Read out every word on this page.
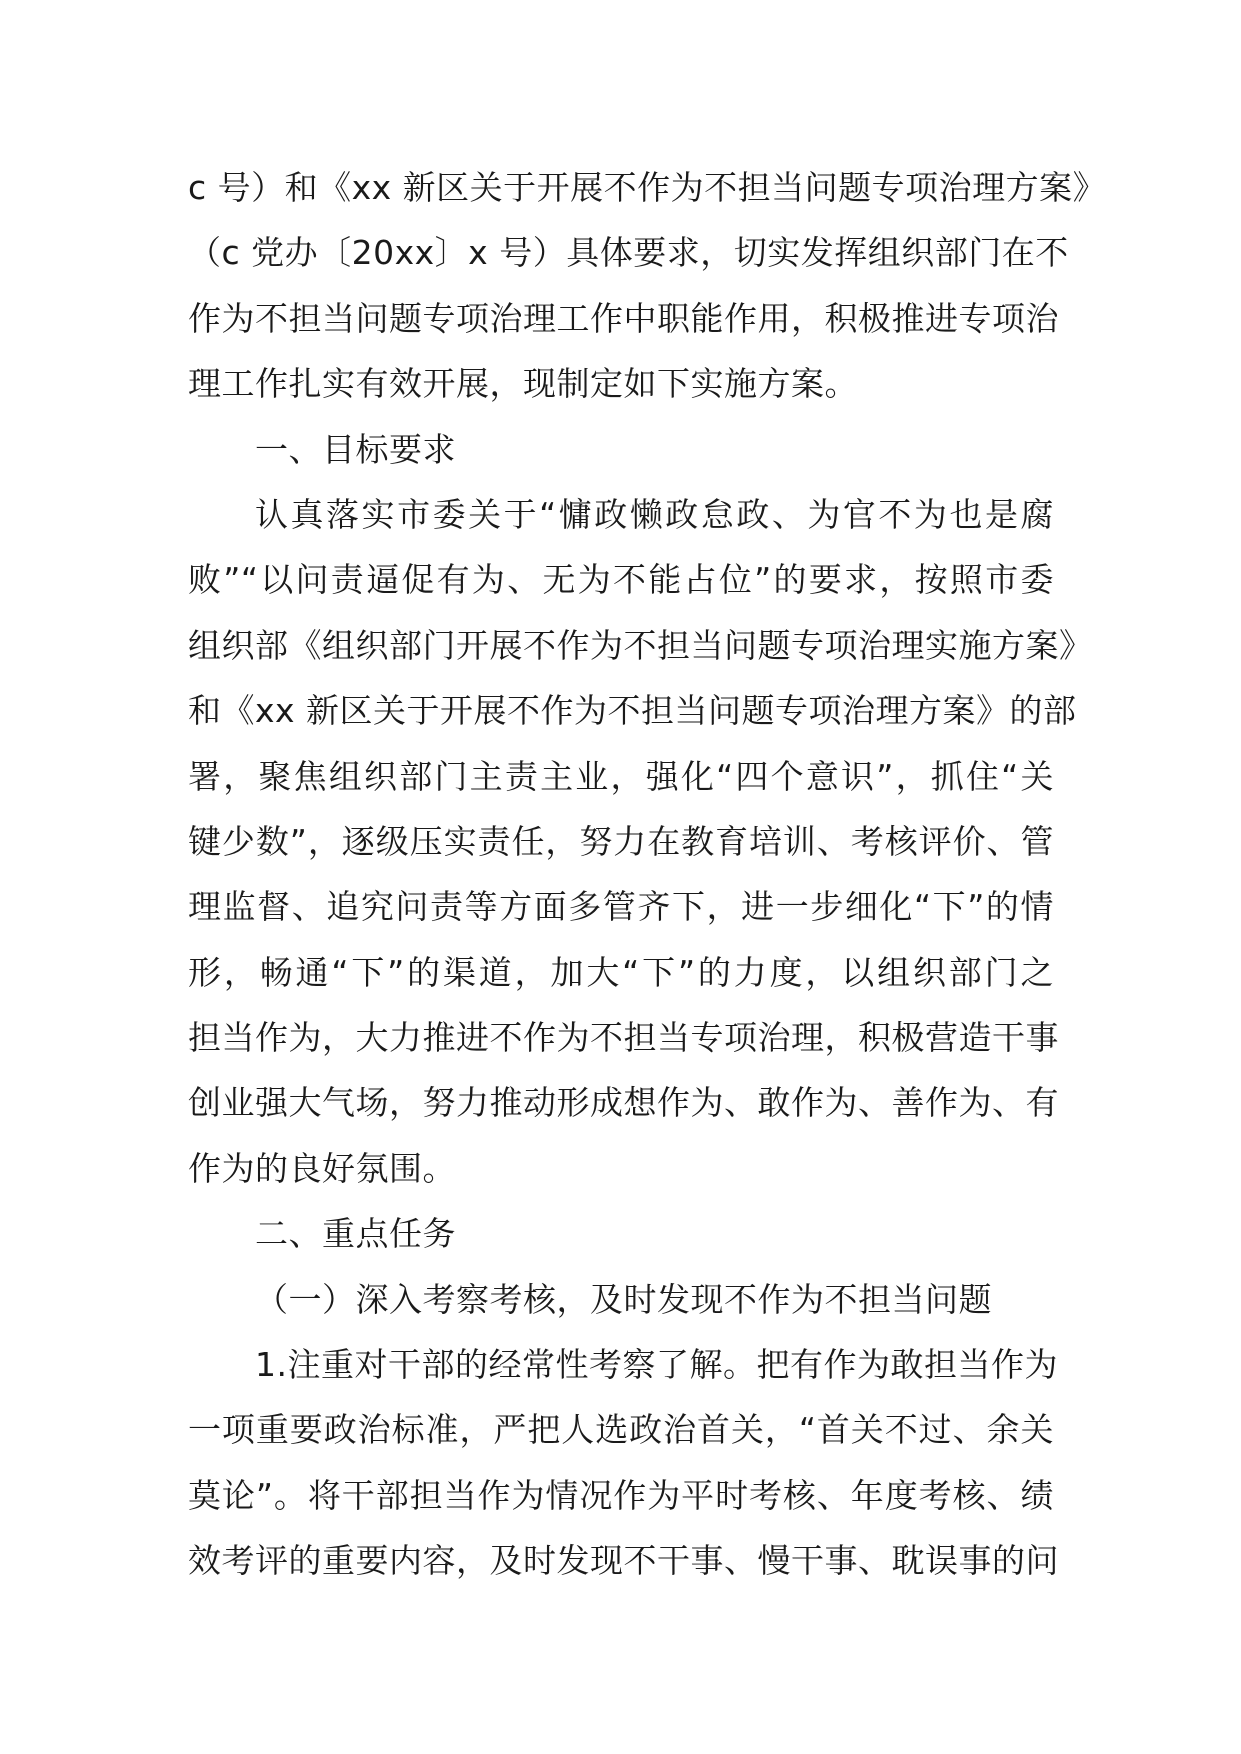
c 号）和《xx 新区关于开展不作为不担当问题专项治理方案》
（c 党办〔20xx〕x 号）具体要求，切实发挥组织部门在不
作为不担当问题专项治理工作中职能作用，积极推进专项治
理工作扎实有效开展，现制定如下实施方案。
一、目标要求
认真落实市委关于“慵政懒政怠政、为官不为也是腐
败”“以问责逼促有为、无为不能占位”的要求，按照市委
组织部《组织部门开展不作为不担当问题专项治理实施方案》
和《xx 新区关于开展不作为不担当问题专项治理方案》的部
署，聚焦组织部门主责主业，强化“四个意识”，抓住“关
键少数”，逐级压实责任，努力在教育培训、考核评价、管
理监督、追究问责等方面多管齐下，进一步细化“下”的情
形，畅通“下”的渠道，加大“下”的力度，以组织部门之
担当作为，大力推进不作为不担当专项治理，积极营造干事
创业强大气场，努力推动形成想作为、敢作为、善作为、有
作为的良好氛围。
二、重点任务
（一）深入考察考核，及时发现不作为不担当问题
1.注重对干部的经常性考察了解。把有作为敢担当作为
一项重要政治标准，严把人选政治首关，“首关不过、余关
莫论”。将干部担当作为情况作为平时考核、年度考核、绩
效考评的重要内容，及时发现不干事、慢干事、耽误事的问
